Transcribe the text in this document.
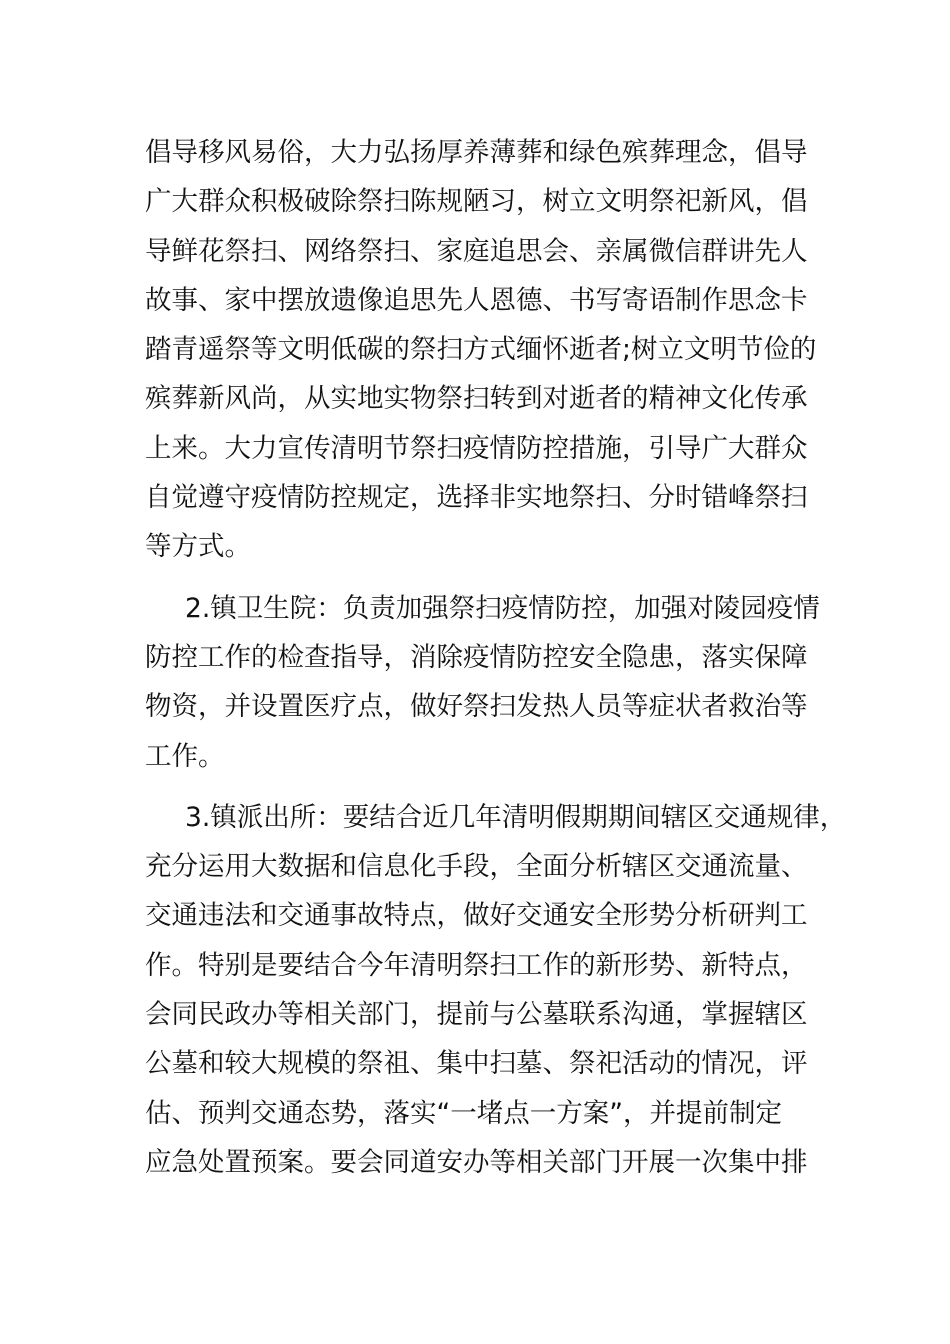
倡导移风易俗，大力弘扬厚养薄葬和绿色殡葬理念，倡导
广大群众积极破除祭扫陈规陋习，树立文明祭祀新风，倡
导鲜花祭扫、网络祭扫、家庭追思会、亲属微信群讲先人
故事、家中摆放遗像追思先人恩德、书写寄语制作思念卡
踏青遥祭等文明低碳的祭扫方式缅怀逝者;树立文明节俭的
殡葬新风尚，从实地实物祭扫转到对逝者的精神文化传承
上来。大力宣传清明节祭扫疫情防控措施，引导广大群众
自觉遵守疫情防控规定，选择非实地祭扫、分时错峰祭扫
等方式。
2.镇卫生院：负责加强祭扫疫情防控，加强对陵园疫情
防控工作的检查指导，消除疫情防控安全隐患，落实保障
物资，并设置医疗点，做好祭扫发热人员等症状者救治等
工作。
3.镇派出所：要结合近几年清明假期期间辖区交通规律，
充分运用大数据和信息化手段，全面分析辖区交通流量、
交通违法和交通事故特点，做好交通安全形势分析研判工
作。特别是要结合今年清明祭扫工作的新形势、新特点，
会同民政办等相关部门，提前与公墓联系沟通，掌握辖区
公墓和较大规模的祭祖、集中扫墓、祭祀活动的情况，评
估、预判交通态势，落实“一堵点一方案”，并提前制定
应急处置预案。要会同道安办等相关部门开展一次集中排
